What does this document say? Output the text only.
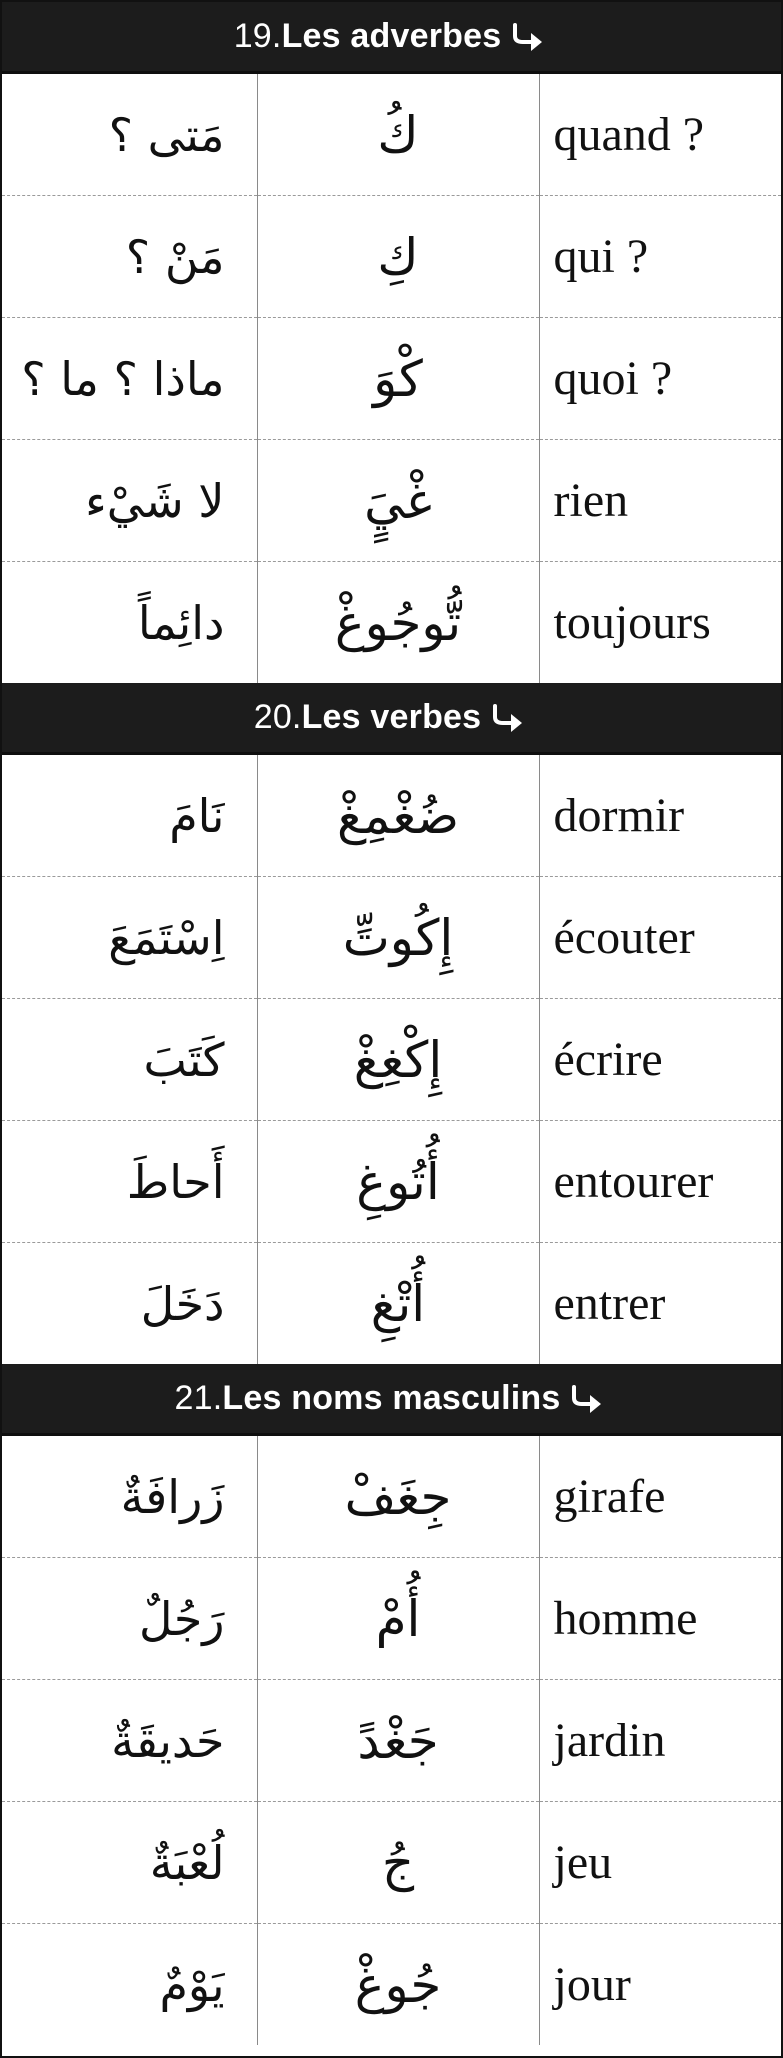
19. Les adverbes
مَتى ؟	كُ	quand ?
مَنْ ؟	كِ	qui ?
ماذا ؟ ما ؟	كْوَ	quoi ?
لا شَيْء	غْيٍَ	rien
دائِماً	تُّوجُوغْ	toujours
20. Les verbes
نَامَ	ضُغْمِغْ	dormir
اِسْتَمَعَ	إِكُوتِّ	écouter
كَتَبَ	إِكْغِغْ	écrire
أَحاطَ	أُتُوغِ	entourer
دَخَلَ	أُتْغِ	entrer
21. Les noms masculins
زَرافَةٌ	جِغَفْ	girafe
رَجُلٌ	أُمْ	homme
حَديقَةٌ	جَغْدً	jardin
لُعْبَةٌ	جُ	jeu
يَوْمٌ	جُوغْ	jour
